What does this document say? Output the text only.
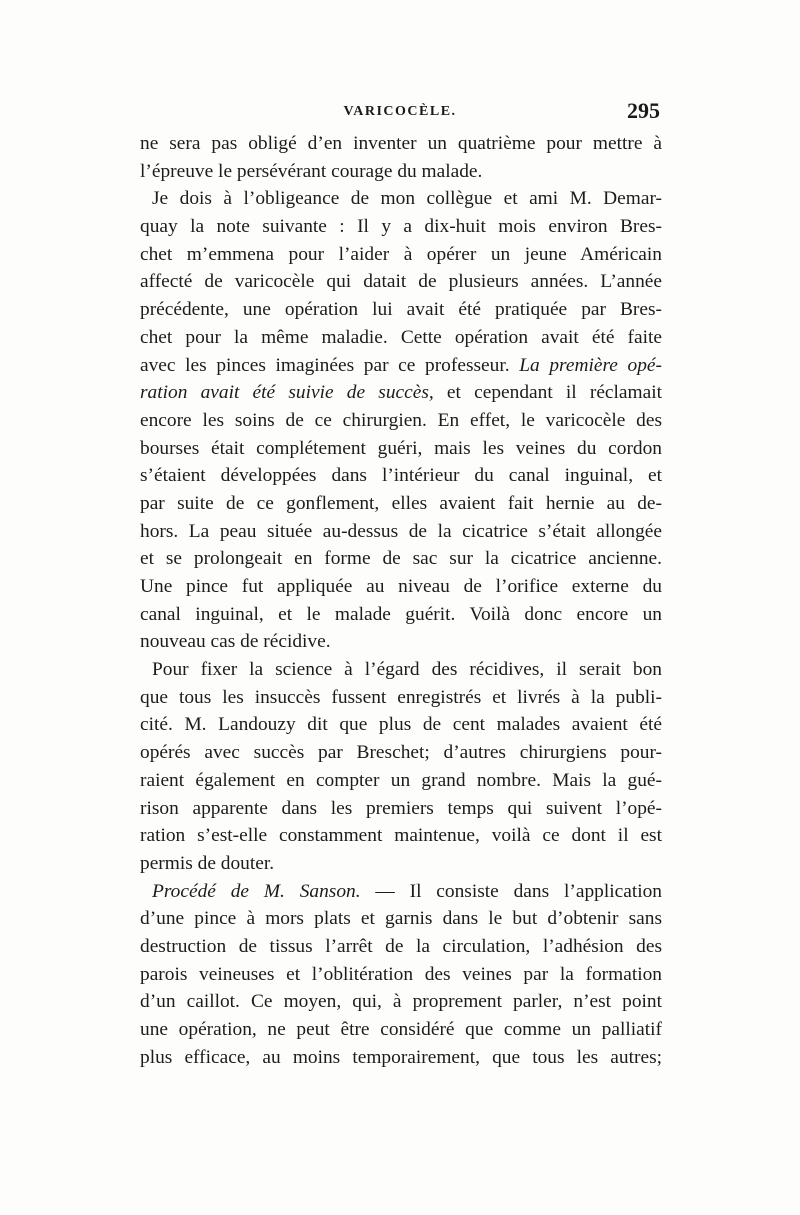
VARICOCÈLE.	295
ne sera pas obligé d’en inventer un quatrième pour mettre à
l’épreuve le persévérant courage du malade.
Je dois à l’obligeance de mon collègue et ami M. Demar-
quay la note suivante : Il y a dix-huit mois environ Bres-
chet m’emmena pour l’aider à opérer un jeune Américain
affecté de varicocèle qui datait de plusieurs années. L’année
précédente, une opération lui avait été pratiquée par Bres-
chet pour la même maladie. Cette opération avait été faite
avec les pinces imaginées par ce professeur. La première opé-
ration avait été suivie de succès, et cependant il réclamait
encore les soins de ce chirurgien. En effet, le varicocèle des
bourses était complétement guéri, mais les veines du cordon
s’étaient développées dans l’intérieur du canal inguinal, et
par suite de ce gonflement, elles avaient fait hernie au de-
hors. La peau située au-dessus de la cicatrice s’était allongée
et se prolongeait en forme de sac sur la cicatrice ancienne.
Une pince fut appliquée au niveau de l’orifice externe du
canal inguinal, et le malade guérit. Voilà donc encore un
nouveau cas de récidive.
Pour fixer la science à l’égard des récidives, il serait bon
que tous les insuccès fussent enregistrés et livrés à la publi-
cité. M. Landouzy dit que plus de cent malades avaient été
opérés avec succès par Breschet; d’autres chirurgiens pour-
raient également en compter un grand nombre. Mais la gué-
rison apparente dans les premiers temps qui suivent l’opé-
ration s’est-elle constamment maintenue, voilà ce dont il est
permis de douter.
Procédé de M. Sanson. — Il consiste dans l’application
d’une pince à mors plats et garnis dans le but d’obtenir sans
destruction de tissus l’arrêt de la circulation, l’adhésion des
parois veineuses et l’oblitération des veines par la formation
d’un caillot. Ce moyen, qui, à proprement parler, n’est point
une opération, ne peut être considéré que comme un palliatif
plus efficace, au moins temporairement, que tous les autres;
